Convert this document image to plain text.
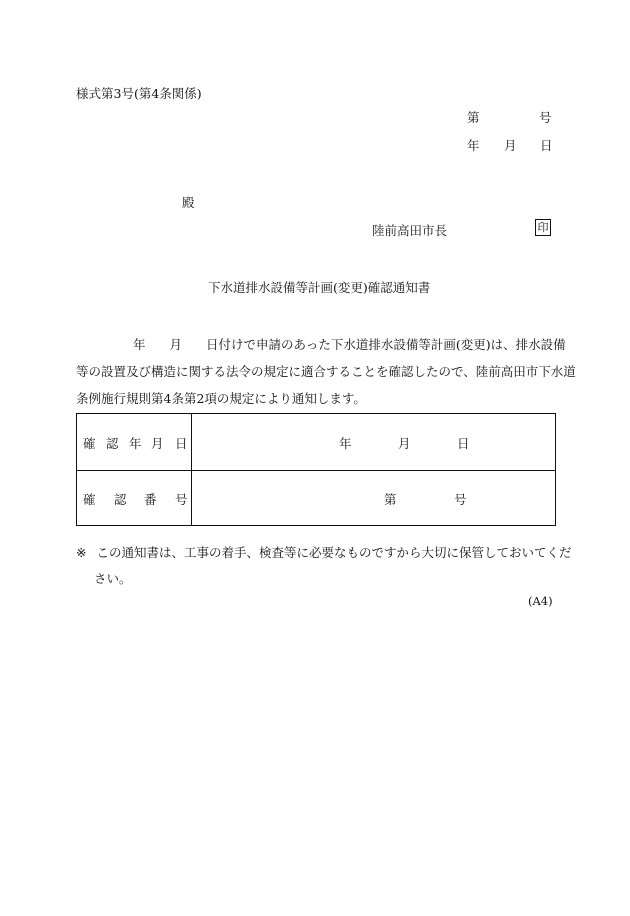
様式第3号(第4条関係)
第	号
年 月 日
殿
陸前高田市長	印
下水道排水設備等計画(変更)確認通知書
年 月 日付けで申請のあった下水道排水設備等計画(変更)は、排水設備
等の設置及び構造に関する法令の規定に適合することを確認したので、陸前高田市下水道
条例施行規則第4条第2項の規定により通知します。
確 認 年 月 日	年	月	日
確 認 番 号	第	号
※ この通知書は、工事の着手、検査等に必要なものですから大切に保管しておいてくだ
さい。
(A4)
